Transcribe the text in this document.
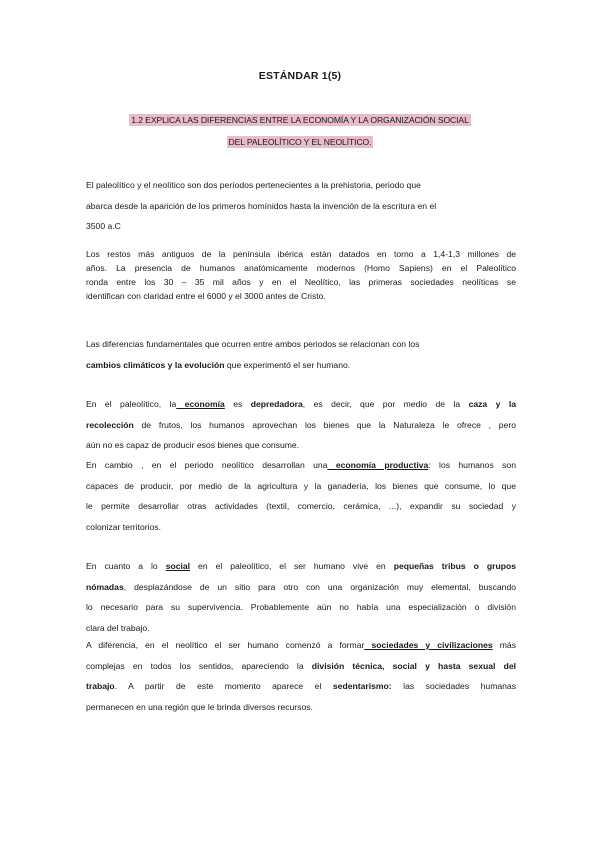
ESTÁNDAR 1(5)
1.2 EXPLICA LAS DIFERENCIAS ENTRE LA ECONOMÍA Y LA ORGANIZACIÓN SOCIAL
DEL PALEOLÍTICO Y EL NEOLÍTICO.
El paleolítico y el neolítico son dos períodos pertenecientes a la prehistoria, periodo que
abarca desde la aparición de los primeros homínidos hasta la invención de la escritura en el
3500 a.C
Los restos más antiguos de la península ibérica están datados en torno a 1,4-1,3 millones de
años. La presencia de humanos anatómicamente modernos (Homo Sapiens) en el Paleolítico
ronda entre los 30 – 35 mil años y en el Neolítico, las primeras sociedades neolíticas se
identifican con claridad entre el 6000 y el 3000 antes de Cristo.
Las diferencias fundamentales que ocurren entre ambos periodos se relacionan con los
cambios climáticos y la evolución que experimentó el ser humano.
En el paleolítico, la economía es depredadora, es decir, que por medio de la caza y la
recolección de frutos, los humanos aprovechan los bienes que la Naturaleza le ofrece , pero
aún no es capaz de producir esos bienes que consume.
En cambio , en el periodo neolítico desarrollan una economía productiva: los humanos son
capaces de producir, por medio de la agricultura y la ganadería, los bienes que consume, lo que
le permite desarrollar otras actividades (textil, comercio, cerámica, ...), expandir su sociedad y
colonizar territorios.
En cuanto a lo social en el paleolítico, el ser humano vive en pequeñas tribus o grupos
nómadas, desplazándose de un sitio para otro con una organización muy elemental, buscando
lo necesario para su supervivencia. Probablemente aún no había una especialización o división
clara del trabajo.
A diferencia, en el neolítico el ser humano comenzó a formar sociedades y civilizaciones más
complejas en todos los sentidos, apareciendo la división técnica, social y hasta sexual del
trabajo. A partir de este momento aparece el sedentarismo: las sociedades humanas
permanecen en una región que le brinda diversos recursos.
